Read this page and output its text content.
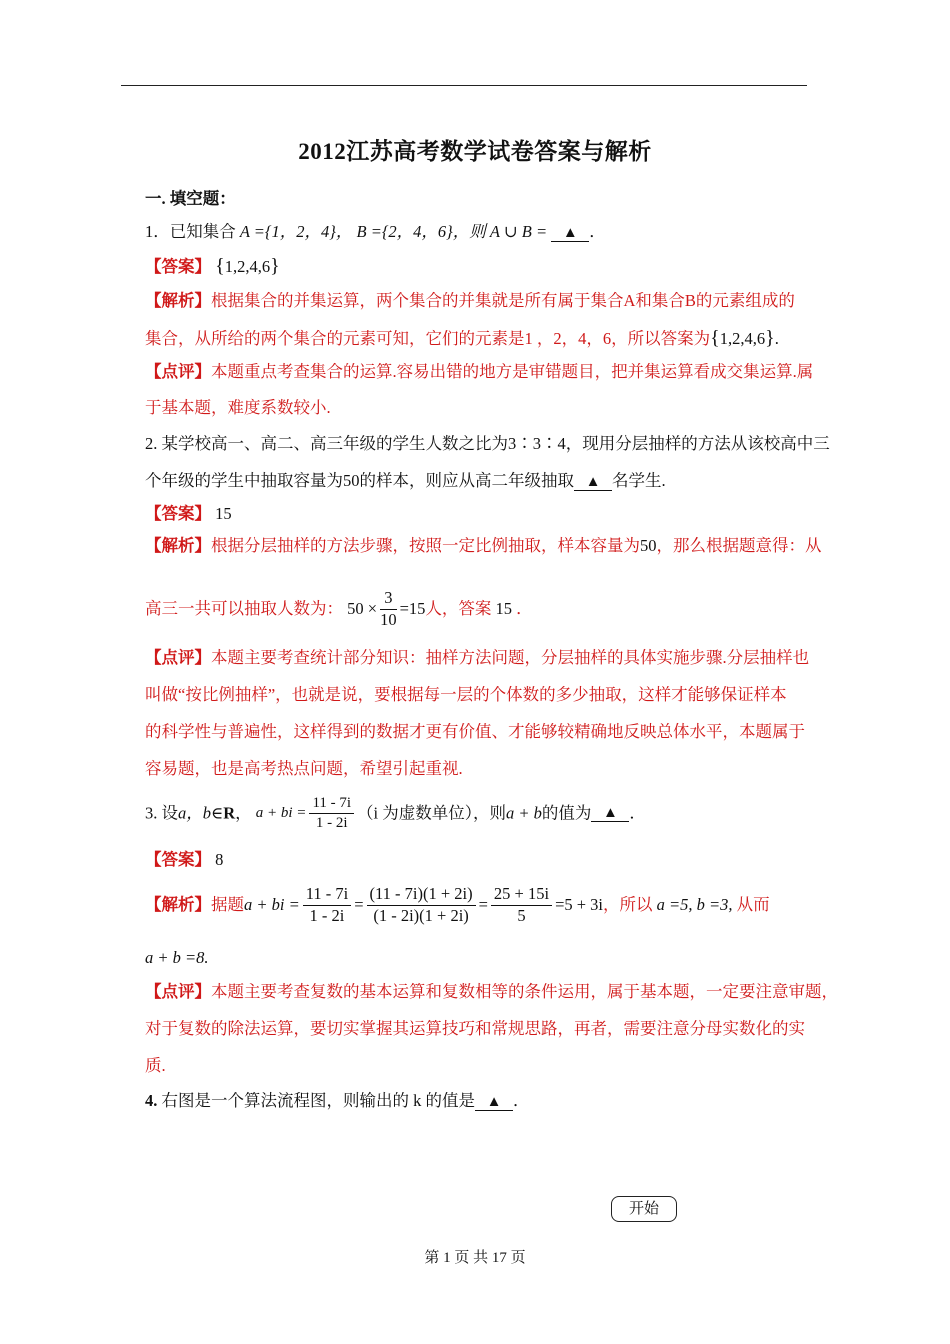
2012江苏高考数学试卷答案与解析
一. 填空题：
1．已知集合 A ={1，2，4}， B ={2，4，6}，则 A ∪ B = ▲ ．
【答案】 {1,2,4,6}
【解析】根据集合的并集运算，两个集合的并集就是所有属于集合A和集合B的元素组成的
集合，从所给的两个集合的元素可知，它们的元素是1 ，2，4，6，所以答案为{1,2,4,6}.
【点评】本题重点考查集合的运算.容易出错的地方是审错题目，把并集运算看成交集运算.属
于基本题，难度系数较小.
2. 某学校高一、高二、高三年级的学生人数之比为3∶3∶4，现用分层抽样的方法从该校高中三
个年级的学生中抽取容量为50的样本，则应从高二年级抽取 ▲ 名学生.
【答案】 15
【解析】根据分层抽样的方法步骤，按照一定比例抽取，样本容量为50，那么根据题意得：从
高三一共可以抽取人数为： $50 \times \frac{3}{10} =15$人，答案 15 ．
【点评】本题主要考查统计部分知识：抽样方法问题，分层抽样的具体实施步骤.分层抽样也
叫做“按比例抽样”，也就是说，要根据每一层的个体数的多少抽取，这样才能够保证样本
的科学性与普遍性，这样得到的数据才更有价值、才能够较精确地反映总体水平，本题属于
容易题，也是高考热点问题，希望引起重视.
3. 设a，b∈R， a + bi = $\frac{11 - 7i}{1 - 2i} (i$ 为虚数单位），则a + b的值为 ▲ ．
【答案】 8
【解析】据题a + bi = $\frac{11 - 7i}{1 - 2i} = \frac{(11 - 7i)(1 + 2i)}{(1 - 2i)(1 + 2i)} = \frac{25 + 15i}{5} =5 + 3i$，所以 a =5, b =3, 从而
a + b =8.
【点评】本题主要考查复数的基本运算和复数相等的条件运用，属于基本题，一定要注意审题，
对于复数的除法运算，要切实掌握其运算技巧和常规思路，再者，需要注意分母实数化的实
质.
4. 右图是一个算法流程图，则输出的 k 的值是 ▲ ．
开始
第 1 页 共 17 页
